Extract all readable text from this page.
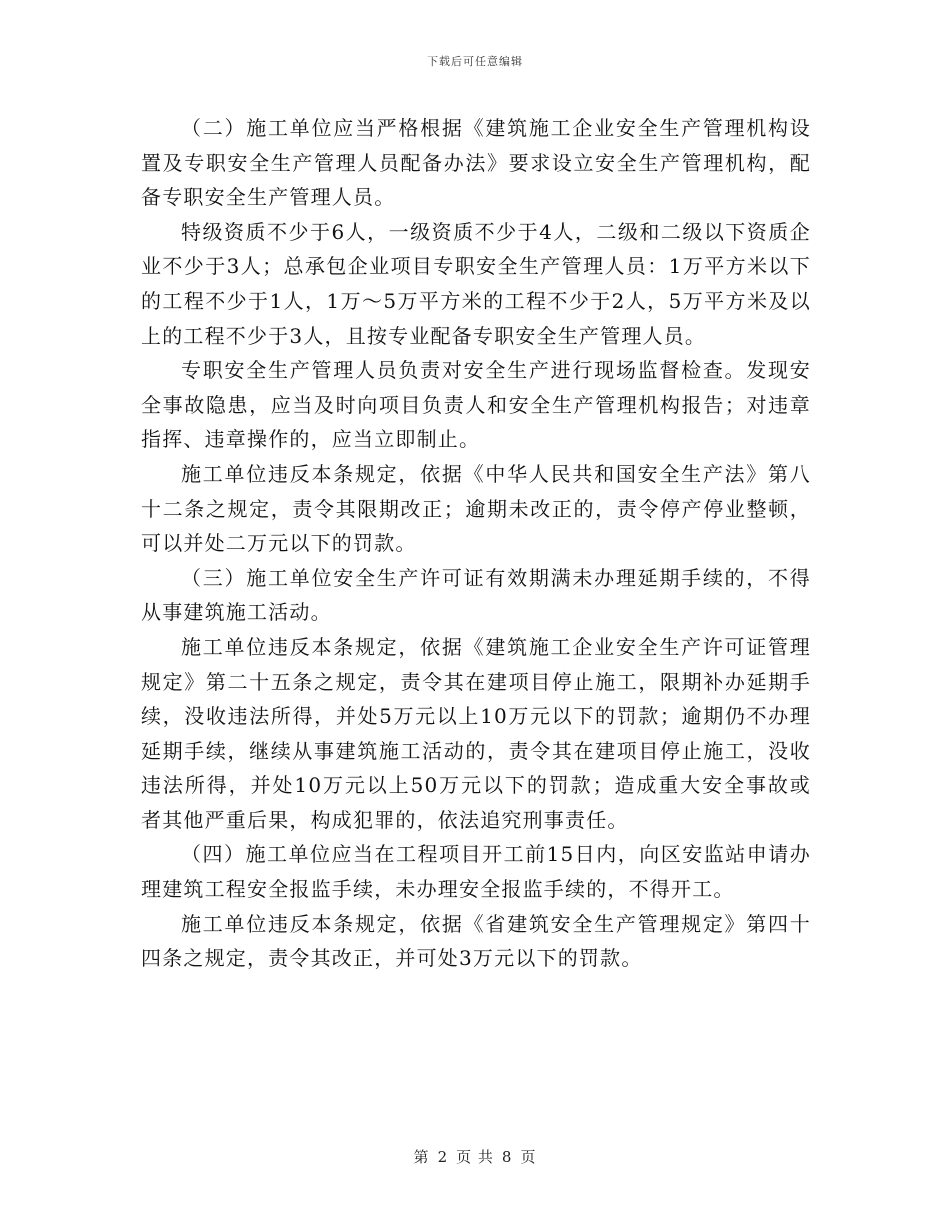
下载后可任意编辑

（二）施工单位应当严格根据《建筑施工企业安全生产管理机构设置及专职安全生产管理人员配备办法》要求设立安全生产管理机构，配备专职安全生产管理人员。

特级资质不少于6人，一级资质不少于4人，二级和二级以下资质企业不少于3人；总承包企业项目专职安全生产管理人员：1万平方米以下的工程不少于1人，1万～5万平方米的工程不少于2人，5万平方米及以上的工程不少于3人，且按专业配备专职安全生产管理人员。

专职安全生产管理人员负责对安全生产进行现场监督检查。发现安全事故隐患，应当及时向项目负责人和安全生产管理机构报告；对违章指挥、违章操作的，应当立即制止。

施工单位违反本条规定，依据《中华人民共和国安全生产法》第八十二条之规定，责令其限期改正；逾期未改正的，责令停产停业整顿，可以并处二万元以下的罚款。

（三）施工单位安全生产许可证有效期满未办理延期手续的，不得从事建筑施工活动。

施工单位违反本条规定，依据《建筑施工企业安全生产许可证管理规定》第二十五条之规定，责令其在建项目停止施工，限期补办延期手续，没收违法所得，并处5万元以上10万元以下的罚款；逾期仍不办理延期手续，继续从事建筑施工活动的，责令其在建项目停止施工，没收违法所得，并处10万元以上50万元以下的罚款；造成重大安全事故或者其他严重后果，构成犯罪的，依法追究刑事责任。

（四）施工单位应当在工程项目开工前15日内，向区安监站申请办理建筑工程安全报监手续，未办理安全报监手续的，不得开工。

施工单位违反本条规定，依据《省建筑安全生产管理规定》第四十四条之规定，责令其改正，并可处3万元以下的罚款。

第 2 页 共 8 页
